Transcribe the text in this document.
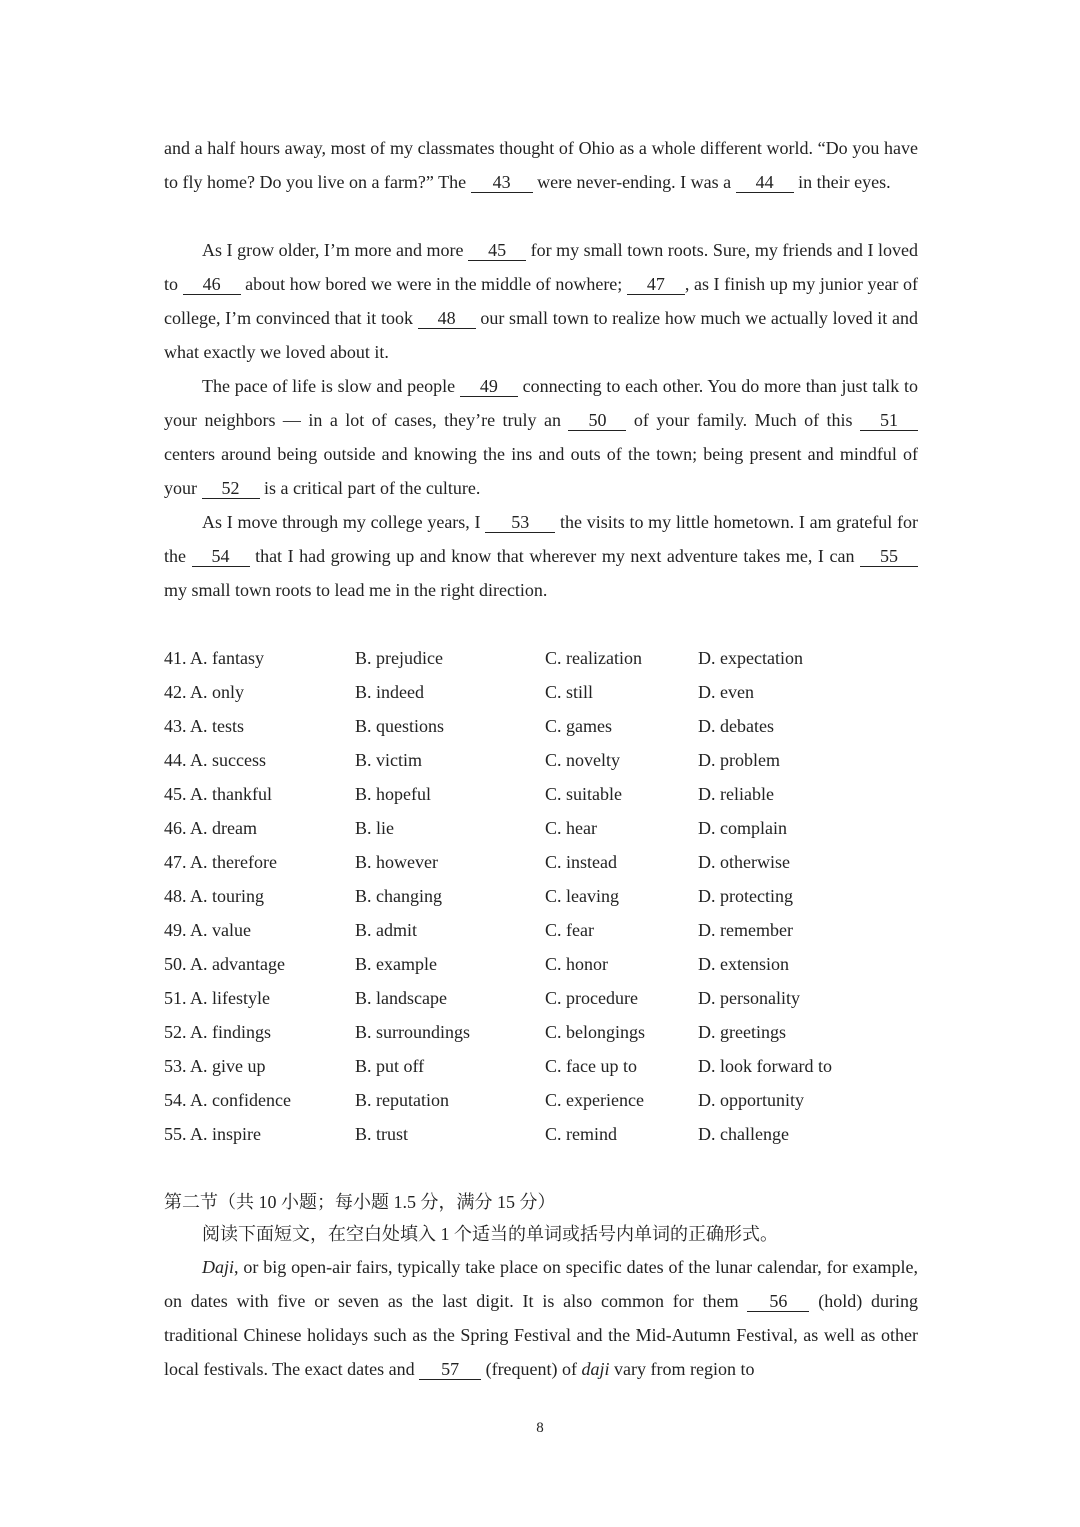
and a half hours away, most of my classmates thought of Ohio as a whole different world. “Do you have to fly home? Do you live on a farm?” The 43 were never-ending. I was a 44 in their eyes.

As I grow older, I’m more and more 45 for my small town roots. Sure, my friends and I loved to 46 about how bored we were in the middle of nowhere; 47 , as I finish up my junior year of college, I’m convinced that it took 48 our small town to realize how much we actually loved it and what exactly we loved about it.

The pace of life is slow and people 49 connecting to each other. You do more than just talk to your neighbors — in a lot of cases, they’re truly an 50 of your family. Much of this 51 centers around being outside and knowing the ins and outs of the town; being present and mindful of your 52 is a critical part of the culture.

As I move through my college years, I 53 the visits to my little hometown. I am grateful for the 54 that I had growing up and know that wherever my next adventure takes me, I can 55 my small town roots to lead me in the right direction.

41. A. fantasy	B. prejudice	C. realization	D. expectation
42. A. only	B. indeed	C. still	D. even
43. A. tests	B. questions	C. games	D. debates
44. A. success	B. victim	C. novelty	D. problem
45. A. thankful	B. hopeful	C. suitable	D. reliable
46. A. dream	B. lie	C. hear	D. complain
47. A. therefore	B. however	C. instead	D. otherwise
48. A. touring	B. changing	C. leaving	D. protecting
49. A. value	B. admit	C. fear	D. remember
50. A. advantage	B. example	C. honor	D. extension
51. A. lifestyle	B. landscape	C. procedure	D. personality
52. A. findings	B. surroundings	C. belongings	D. greetings
53. A. give up	B. put off	C. face up to	D. look forward to
54. A. confidence	B. reputation	C. experience	D. opportunity
55. A. inspire	B. trust	C. remind	D. challenge
第二节（共 10 小题；每小题 1.5 分，满分 15 分）
阅读下面短文，在空白处填入 1 个适当的单词或括号内单词的正确形式。

Daji, or big open-air fairs, typically take place on specific dates of the lunar calendar, for example, on dates with five or seven as the last digit. It is also common for them 56 (hold) during traditional Chinese holidays such as the Spring Festival and the Mid-Autumn Festival, as well as other local festivals. The exact dates and 57 (frequent) of daji vary from region to

8
